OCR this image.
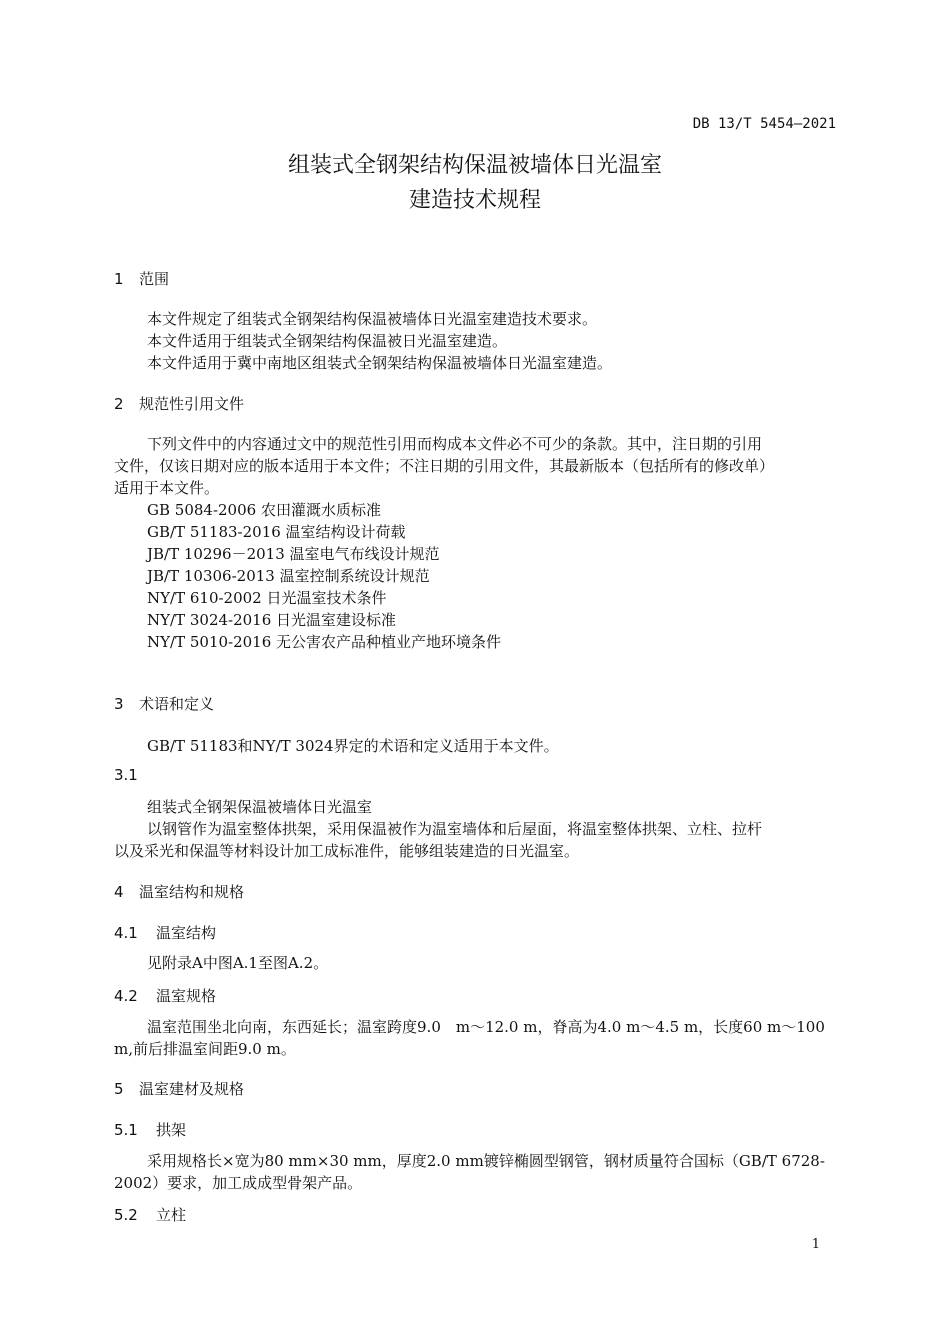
DB 13/T 5454—2021
组装式全钢架结构保温被墙体日光温室
建造技术规程
1 范围
本文件规定了组装式全钢架结构保温被墙体日光温室建造技术要求。
本文件适用于组装式全钢架结构保温被日光温室建造。
本文件适用于冀中南地区组装式全钢架结构保温被墙体日光温室建造。
2 规范性引用文件
下列文件中的内容通过文中的规范性引用而构成本文件必不可少的条款。其中，注日期的引用
文件，仅该日期对应的版本适用于本文件；不注日期的引用文件，其最新版本（包括所有的修改单）
适用于本文件。
GB 5084-2006 农田灌溉水质标准
GB/T 51183-2016 温室结构设计荷载
JB/T 10296－2013 温室电气布线设计规范
JB/T 10306-2013 温室控制系统设计规范
NY/T 610-2002 日光温室技术条件
NY/T 3024-2016 日光温室建设标准
NY/T 5010-2016 无公害农产品种植业产地环境条件
3 术语和定义
GB/T 51183和NY/T 3024界定的术语和定义适用于本文件。
3.1
组装式全钢架保温被墙体日光温室
以钢管作为温室整体拱架，采用保温被作为温室墙体和后屋面，将温室整体拱架、立柱、拉杆
以及采光和保温等材料设计加工成标准件，能够组装建造的日光温室。
4 温室结构和规格
4.1 温室结构
见附录A中图A.1至图A.2。
4.2 温室规格
温室范围坐北向南，东西延长；温室跨度9.0　m～12.0 m，脊高为4.0 m～4.5 m，长度60 m～100
m,前后排温室间距9.0 m。
5 温室建材及规格
5.1 拱架
采用规格长×宽为80 mm×30 mm，厚度2.0 mm镀锌椭圆型钢管，钢材质量符合国标（GB/T 6728-
2002）要求，加工成成型骨架产品。
5.2 立柱
1
